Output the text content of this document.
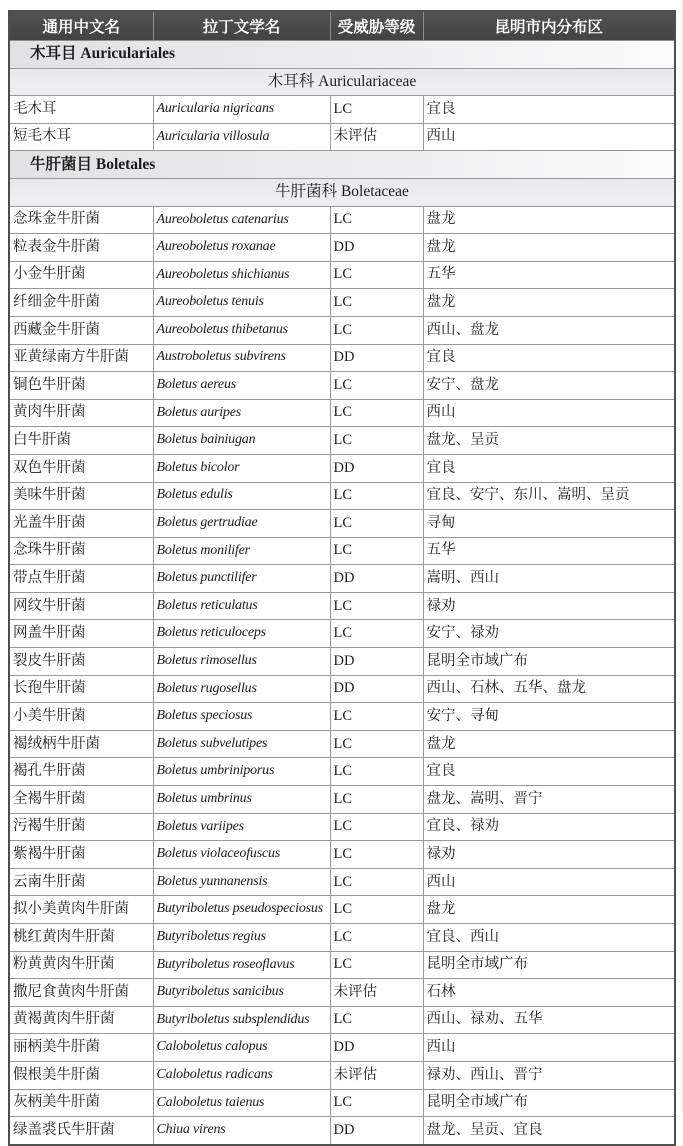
通用中文名	拉丁文学名	受威胁等级	昆明市内分布区
木耳目 Auriculariales			
木耳科 Auriculariaceae			
毛木耳	Auricularia nigricans	LC	宜良
短毛木耳	Auricularia villosula	未评估	西山
牛肝菌目 Boletales			
牛肝菌科 Boletaceae			
念珠金牛肝菌	Aureoboletus catenarius	LC	盘龙
粒表金牛肝菌	Aureoboletus roxanae	DD	盘龙
小金牛肝菌	Aureoboletus shichianus	LC	五华
纤细金牛肝菌	Aureoboletus tenuis	LC	盘龙
西藏金牛肝菌	Aureoboletus thibetanus	LC	西山、盘龙
亚黄绿南方牛肝菌	Austroboletus subvirens	DD	宜良
铜色牛肝菌	Boletus aereus	LC	安宁、盘龙
黄肉牛肝菌	Boletus auripes	LC	西山
白牛肝菌	Boletus bainiugan	LC	盘龙、呈贡
双色牛肝菌	Boletus bicolor	DD	宜良
美味牛肝菌	Boletus edulis	LC	宜良、安宁、东川、嵩明、呈贡
光盖牛肝菌	Boletus gertrudiae	LC	寻甸
念珠牛肝菌	Boletus monilifer	LC	五华
带点牛肝菌	Boletus punctilifer	DD	嵩明、西山
网纹牛肝菌	Boletus reticulatus	LC	禄劝
网盖牛肝菌	Boletus reticuloceps	LC	安宁、禄劝
裂皮牛肝菌	Boletus rimosellus	DD	昆明全市域广布
长孢牛肝菌	Boletus rugosellus	DD	西山、石林、五华、盘龙
小美牛肝菌	Boletus speciosus	LC	安宁、寻甸
褐绒柄牛肝菌	Boletus subvelutipes	LC	盘龙
褐孔牛肝菌	Boletus umbriniporus	LC	宜良
全褐牛肝菌	Boletus umbrinus	LC	盘龙、嵩明、晋宁
污褐牛肝菌	Boletus variipes	LC	宜良、禄劝
紫褐牛肝菌	Boletus violaceofuscus	LC	禄劝
云南牛肝菌	Boletus yunnanensis	LC	西山
拟小美黄肉牛肝菌	Butyriboletus pseudospeciosus	LC	盘龙
桃红黄肉牛肝菌	Butyriboletus regius	LC	宜良、西山
粉黄黄肉牛肝菌	Butyriboletus roseoflavus	LC	昆明全市域广布
撒尼食黄肉牛肝菌	Butyriboletus sanicibus	未评估	石林
黄褐黄肉牛肝菌	Butyriboletus subsplendidus	LC	西山、禄劝、五华
丽柄美牛肝菌	Caloboletus calopus	DD	西山
假根美牛肝菌	Caloboletus radicans	未评估	禄劝、西山、晋宁
灰柄美牛肝菌	Caloboletus taienus	LC	昆明全市域广布
绿盖裘氏牛肝菌	Chiua virens	DD	盘龙、呈贡、宜良
